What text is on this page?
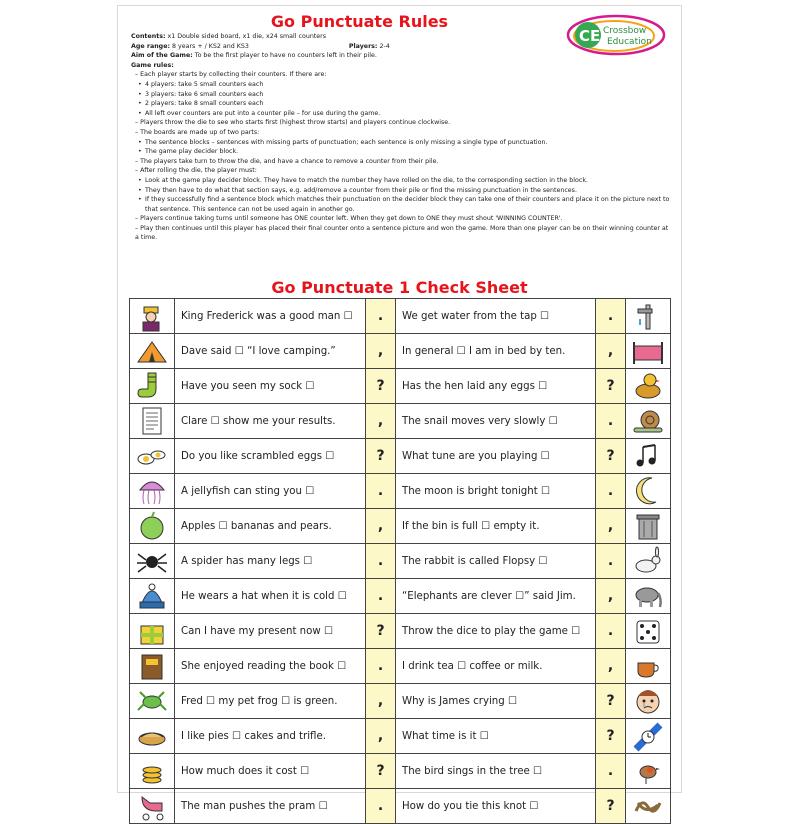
Go Punctuate Rules
CE Crossbow
Education
Contents: x1 Double sided board, x1 die, x24 small counters
Age range: 8 years + / KS2 and KS3	Players: 2-4
Aim of the Game: To be the first player to have no counters left in their pile.
Game rules:
– Each player starts by collecting their counters. If there are:
• 4 players: take 5 small counters each
• 3 players: take 6 small counters each
• 2 players: take 8 small counters each
• All left over counters are put into a counter pile – for use during the game.
– Players throw the die to see who starts first (highest throw starts) and players continue clockwise.
– The boards are made up of two parts:
• The sentence blocks – sentences with missing parts of punctuation; each sentence is only missing a single type of punctuation.
• The game play decider block.
– The players take turn to throw the die, and have a chance to remove a counter from their pile.
– After rolling the die, the player must:
• Look at the game play decider block. They have to match the number they have rolled on the die, to the corresponding section in the block.
• They then have to do what that section says, e.g. add/remove a counter from their pile or find the missing punctuation in the sentences.
• If they successfully find a sentence block which matches their punctuation on the decider block they can take one of their counters and place it on the picture next to that sentence. This sentence can not be used again in another go.
– Players continue taking turns until someone has ONE counter left. When they get down to ONE they must shout 'WINNING COUNTER'.
– Play then continues until this player has placed their final counter onto a sentence picture and won the game. More than one player can be on their winning counter at a time.
Go Punctuate 1 Check Sheet
	King Frederick was a good man ☐	.	We get water from the tap ☐	.	

	Dave said ☐ “I love camping.”	,	In general ☐ I am in bed by ten.	,	

	Have you seen my sock ☐	?	Has the hen laid any eggs ☐	?	

	Clare ☐ show me your results.	,	The snail moves very slowly ☐	.	

	Do you like scrambled eggs ☐	?	What tune are you playing ☐	?	

	A jellyfish can sting you ☐	.	The moon is bright tonight ☐	.	

	Apples ☐ bananas and pears.	,	If the bin is full ☐ empty it.	,	

	A spider has many legs ☐	.	The rabbit is called Flopsy ☐	.	

	He wears a hat when it is cold ☐	.	“Elephants are clever ☐” said Jim.	,	

	Can I have my present now ☐	?	Throw the dice to play the game ☐	.	

	She enjoyed reading the book ☐	.	I drink tea ☐ coffee or milk.	,	

	Fred ☐ my pet frog ☐ is green.	,	Why is James crying ☐	?	

	I like pies ☐ cakes and trifle.	,	What time is it ☐	?	

	How much does it cost ☐	?	The bird sings in the tree ☐	.	

	The man pushes the pram ☐	.	How do you tie this knot ☐	?	
